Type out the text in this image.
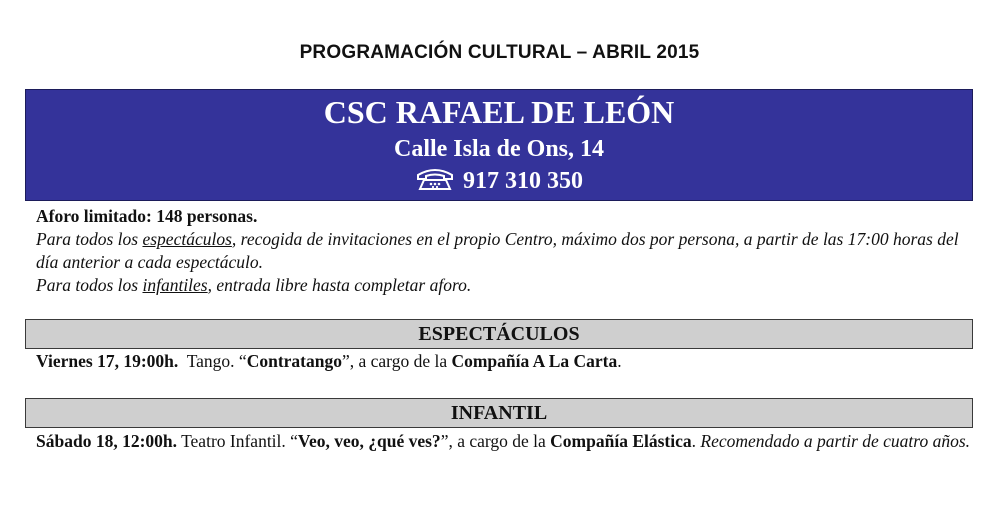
PROGRAMACIÓN CULTURAL – ABRIL 2015
CSC RAFAEL DE LEÓN
Calle Isla de Ons, 14
917 310 350
Aforo limitado: 148 personas.
Para todos los espectáculos, recogida de invitaciones en el propio Centro, máximo dos por persona, a partir de las 17:00 horas del día anterior a cada espectáculo.
Para todos los infantiles, entrada libre hasta completar aforo.
ESPECTÁCULOS
Viernes 17, 19:00h.  Tango. “Contratango”, a cargo de la Compañía A La Carta.
INFANTIL
Sábado 18, 12:00h. Teatro Infantil. “Veo, veo, ¿qué ves?”, a cargo de la Compañía Elástica. Recomendado a partir de cuatro años.
